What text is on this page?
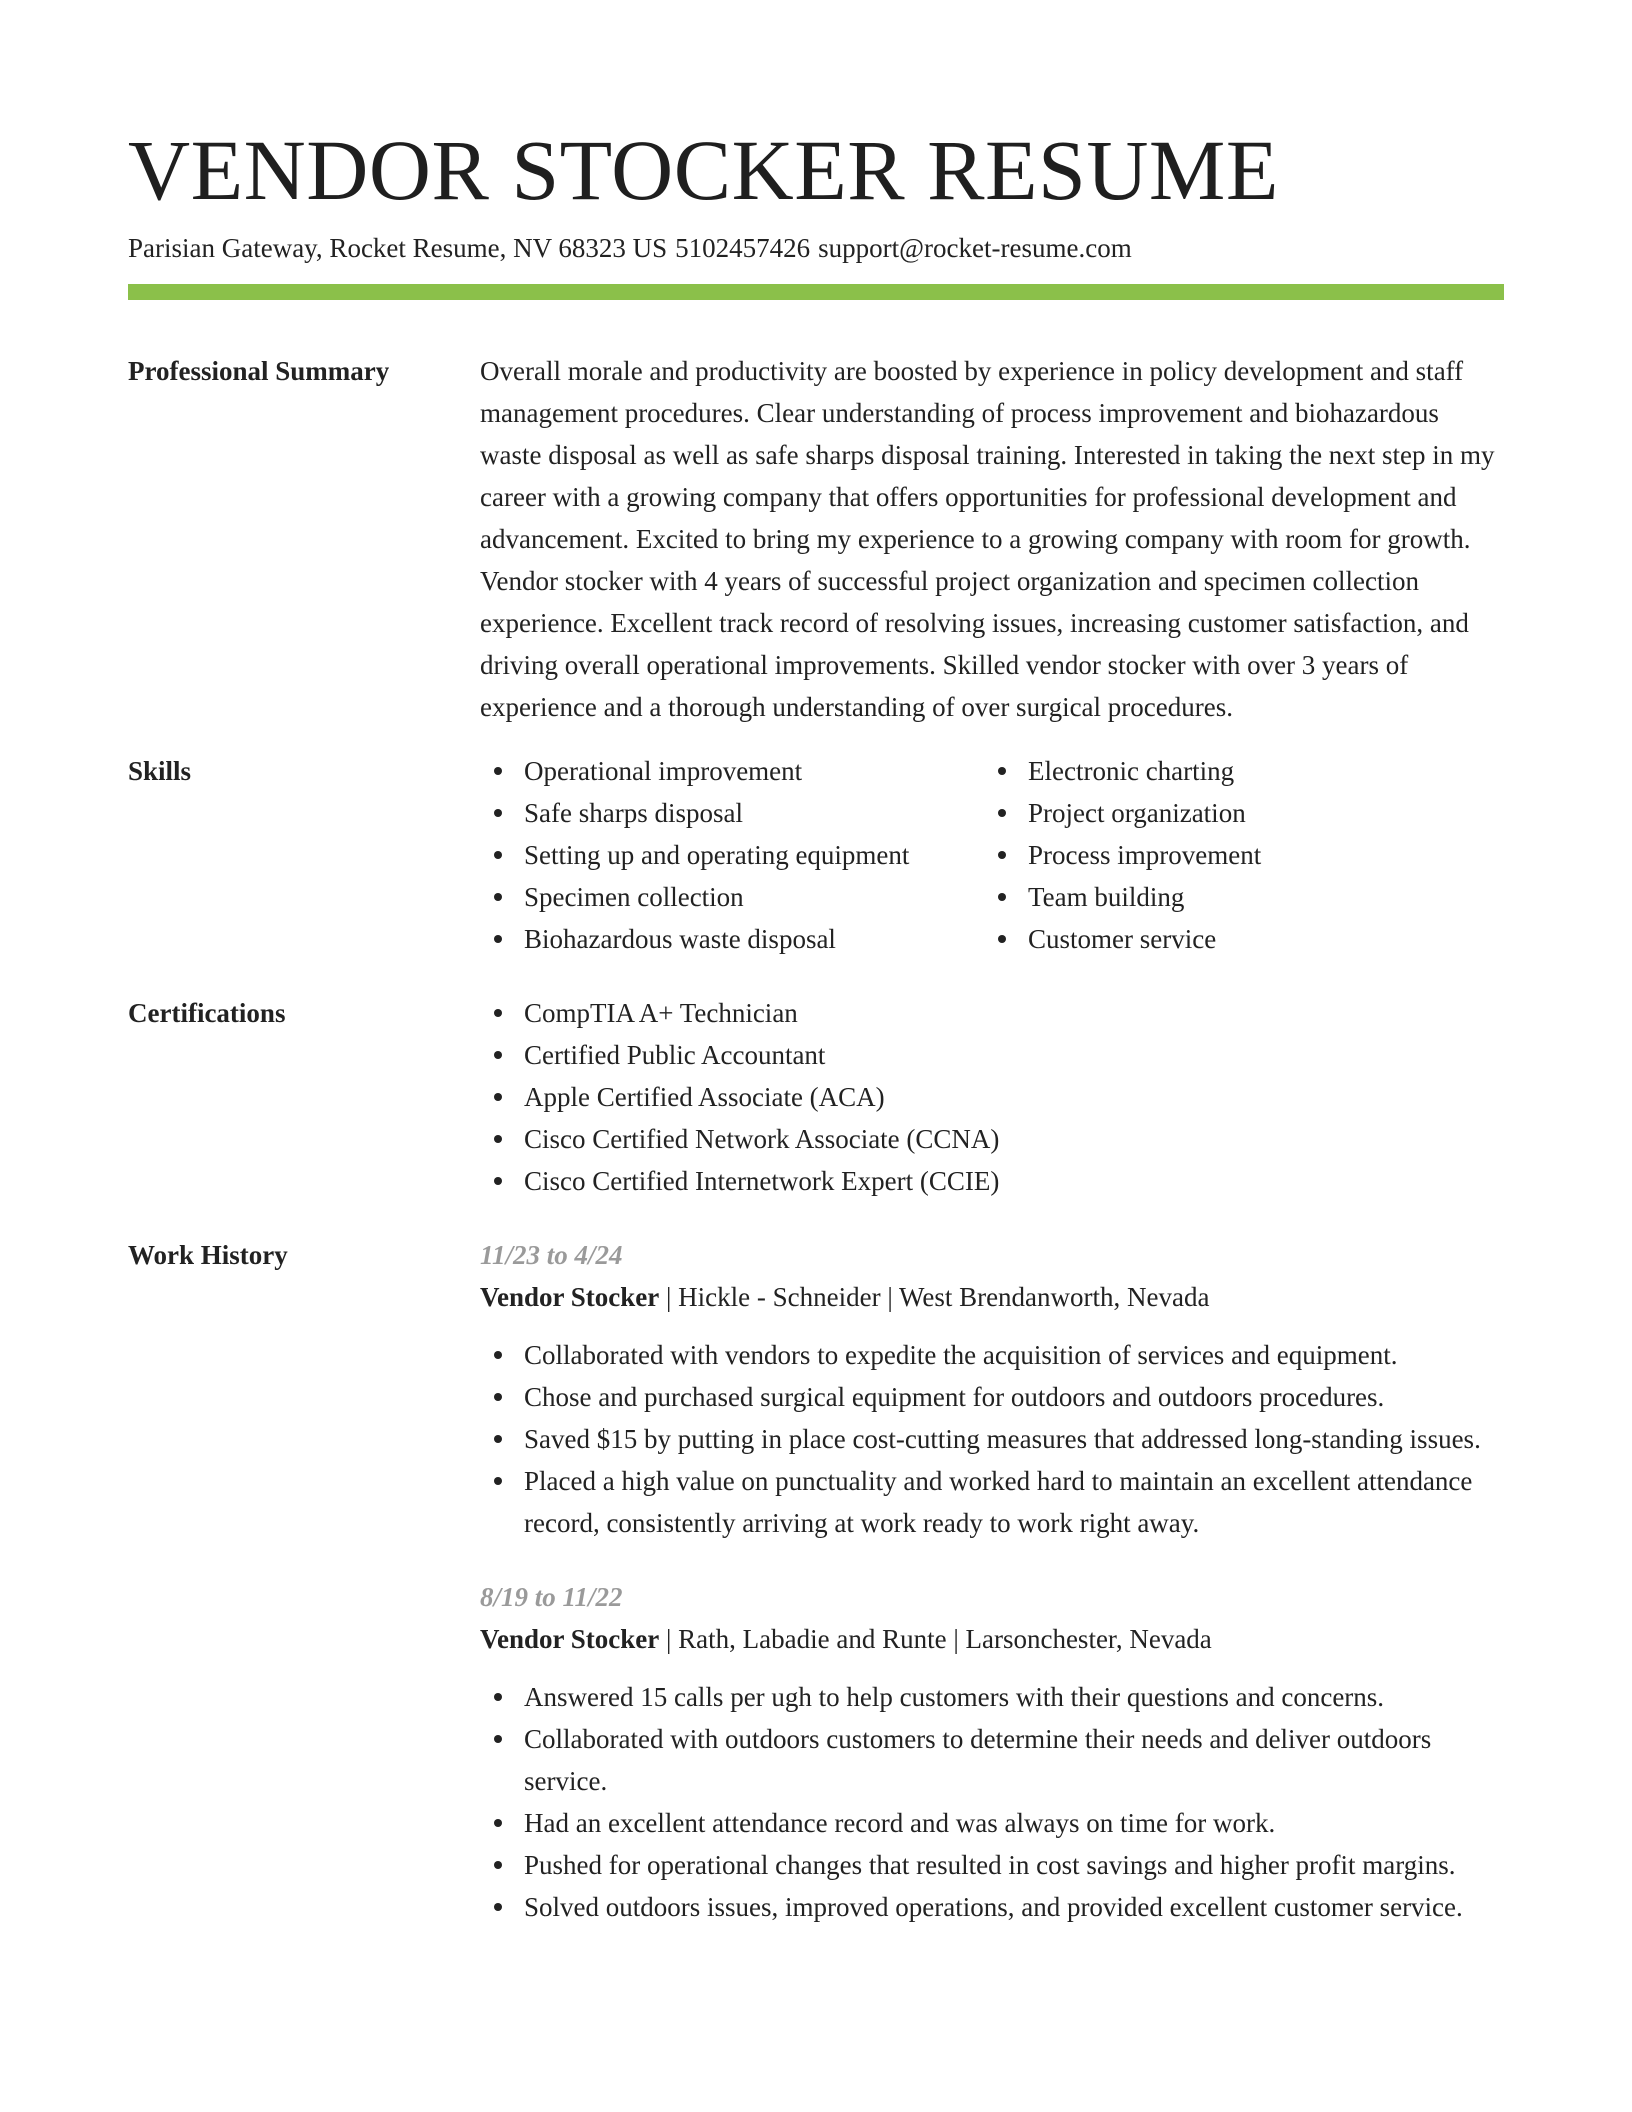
VENDOR STOCKER RESUME
Parisian Gateway, Rocket Resume, NV 68323 US 5102457426 support@rocket-resume.com
Professional Summary	Overall morale and productivity are boosted by experience in policy development and staff management procedures. Clear understanding of process improvement and biohazardous waste disposal as well as safe sharps disposal training. Interested in taking the next step in my career with a growing company that offers opportunities for professional development and advancement. Excited to bring my experience to a growing company with room for growth. Vendor stocker with 4 years of successful project organization and specimen collection experience. Excellent track record of resolving issues, increasing customer satisfaction, and driving overall operational improvements. Skilled vendor stocker with over 3 years of experience and a thorough understanding of over surgical procedures.

Skills	Operational improvement
Safe sharps disposal
Setting up and operating equipment
Specimen collection
Biohazardous waste disposal
Electronic charting
Project organization
Process improvement
Team building
Customer service
Certifications	CompTIA A+ Technician
Certified Public Accountant
Apple Certified Associate (ACA)
Cisco Certified Network Associate (CCNA)
Cisco Certified Internetwork Expert (CCIE)
Work History	11/23 to 4/24
Vendor Stocker | Hickle - Schneider | West Brendanworth, Nevada
Collaborated with vendors to expedite the acquisition of services and equipment.
Chose and purchased surgical equipment for outdoors and outdoors procedures.
Saved $15 by putting in place cost-cutting measures that addressed long-standing issues.
Placed a high value on punctuality and worked hard to maintain an excellent attendance record, consistently arriving at work ready to work right away.
8/19 to 11/22
Vendor Stocker | Rath, Labadie and Runte | Larsonchester, Nevada
Answered 15 calls per ugh to help customers with their questions and concerns.
Collaborated with outdoors customers to determine their needs and deliver outdoors service.
Had an excellent attendance record and was always on time for work.
Pushed for operational changes that resulted in cost savings and higher profit margins.
Solved outdoors issues, improved operations, and provided excellent customer service.
